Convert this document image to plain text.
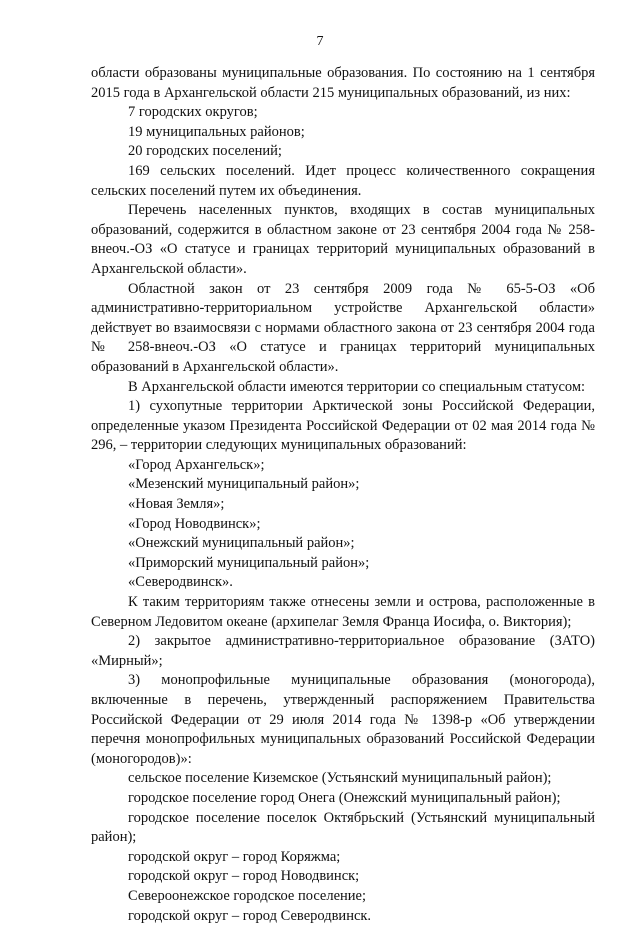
7

области образованы муниципальные образования. По состоянию на 1 сентября 2015 года в Архангельской области 215 муниципальных образований, из них:

7 городских округов;

19 муниципальных районов;

20 городских поселений;

169 сельских поселений. Идет процесс количественного сокращения сельских поселений путем их объединения.

Перечень населенных пунктов, входящих в состав муниципальных образований, содержится в областном законе от 23 сентября 2004 года № 258-внеоч.-ОЗ «О статусе и границах территорий муниципальных образований в Архангельской области».

Областной закон от 23 сентября 2009 года № 65-5-ОЗ «Об административно-территориальном устройстве Архангельской области» действует во взаимосвязи с нормами областного закона от 23 сентября 2004 года № 258-внеоч.-ОЗ «О статусе и границах территорий муниципальных образований в Архангельской области».

В Архангельской области имеются территории со специальным статусом:

1) сухопутные территории Арктической зоны Российской Федерации, определенные указом Президента Российской Федерации от 02 мая 2014 года № 296, – территории следующих муниципальных образований:

«Город Архангельск»;

«Мезенский муниципальный район»;

«Новая Земля»;

«Город Новодвинск»;

«Онежский муниципальный район»;

«Приморский муниципальный район»;

«Северодвинск».

К таким территориям также отнесены земли и острова, расположенные в Северном Ледовитом океане (архипелаг Земля Франца Иосифа, о. Виктория);

2) закрытое административно-территориальное образование (ЗАТО) «Мирный»;

3) монопрофильные муниципальные образования (моногорода), включенные в перечень, утвержденный распоряжением Правительства Российской Федерации от 29 июля 2014 года № 1398-р «Об утверждении перечня монопрофильных муниципальных образований Российской Федерации (моногородов)»:

сельское поселение Киземское (Устьянский муниципальный район);

городское поселение город Онега (Онежский муниципальный район);

городское поселение поселок Октябрьский (Устьянский муниципальный район);

городской округ – город Коряжма;

городской округ – город Новодвинск;

Североонежское городское поселение;

городской округ – город Северодвинск.
